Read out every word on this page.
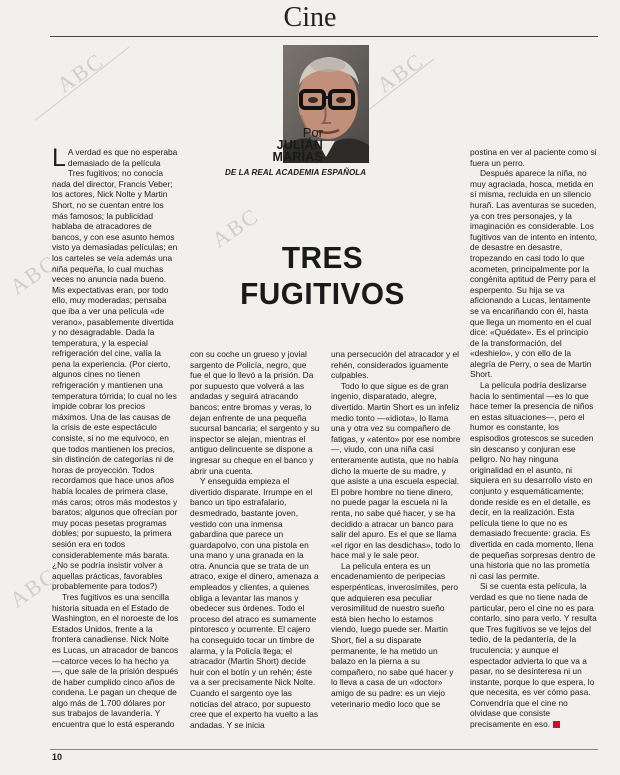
Cine
ABC	ABC
ABC
ABC
ABC
Por
JULIÁN
MARÍAS
DE LA REAL ACADEMIA ESPAÑOLA
TRES FUGITIVOS

L A verdad es que no esperaba demasiado de la película Tres fugitivos; no conocía nada del director, Francis Veber; los actores, Nick Nolte y Martin Short, no se cuentan entre los más famosos; la publicidad hablaba de atracadores de bancos, y con ese asunto hemos visto ya demasiadas películas; en los carteles se veía además una niña pequeña, lo cual muchas veces no anuncia nada bueno. Mis expectativas eran, por todo ello, muy moderadas; pensaba que iba a ver una película «de verano», pasablemente divertida y no desagradable. Dada la temperatura, y la especial refrigeración del cine, valía la pena la experiencia. (Por cierto, algunos cines no tienen refrigeración y mantienen una temperatura tórrida; lo cual no les impide cobrar los precios máximos. Una de las causas de la crisis de este espectáculo consiste, si no me equivoco, en que todos mantienen los precios, sin distinción de categorías ni de horas de proyección. Todos recordamos que hace unos años había locales de primera clase, más caros; otros más modestos y baratos; algunos que ofrecían por muy pocas pesetas programas dobles; por supuesto, la primera sesión era en todos considerablemente más barata. ¿No se podría insistir volver a aquellas prácticas, favorables probablemente para todos?)

Tres fugitivos es una sencilla historia situada en el Estado de Washington, en el noroeste de los Estados Unidos, frente a la frontera canadiense. Nick Nolte es Lucas, un atracador de bancos —catorce veces lo ha hecho ya—, que sale de la prisión después de haber cumplido cinco años de condena. Le pagan un cheque de algo más de 1.700 dólares por sus trabajos de lavandería. Y encuentra que lo está esperando

con su coche un grueso y jovial sargento de Policía, negro, que fue el que lo llevó a la prisión. Da por supuesto que volverá a las andadas y seguirá atracando bancos; entre bromas y veras, lo dejan enfrente de una pequeña sucursal bancaria; el sargento y su inspector se alejan, mientras el antiguo delincuente se dispone a ingresar su cheque en el banco y abrir una cuenta.

Y enseguida empieza el divertido disparate. Irrumpe en el banco un tipo estrafalario, desmedrado, bastante joven, vestido con una inmensa gabardina que parece un guardapolvo, con una pistola en una mano y una granada en la otra. Anuncia que se trata de un atraco, exige el dinero, amenaza a empleados y clientes, a quienes obliga a levantar las manos y obedecer sus órdenes. Todo el proceso del atraco es sumamente pintoresco y ocurrente. El cajero ha conseguido tocar un timbre de alarma, y la Policía llega; el atracador (Martin Short) decide huir con el botín y un rehén; éste va a ser precisamente Nick Nolte. Cuando el sargento oye las noticias del atraco, por supuesto cree que el experto ha vuelto a las andadas. Y se inicia

una persecución del atracador y el rehén, considerados iguamente culpables.

Todo lo que sigue es de gran ingenio, disparatado, alegre, divertido. Martin Short es un infeliz medio tonto —«idiota», lo llama una y otra vez su compañero de fatigas, y «atento» por ese nombre—, viudo, con una niña casi enteramente autista, que no había dicho la muerte de su madre, y que asiste a una escuela especial. El pobre hombre no tiene dinero, no puede pagar la escuela ni la renta, no sabe qué hacer, y se ha decidido a atracar un banco para salir del apuro. Es el que se llama «el rigor en las desdichas», todo lo hace mal y le sale peor.

La película entera es un encadenamiento de peripecias esperpénticas, inverosímiles, pero que adquieren esa peculiar verosimilitud de nuestro sueño está bien hecho lo estamos viendo, luego puede ser. Martin Short, fiel a su disparate permanente, le ha metido un balazo en la pierna a su compañero, no sabe qué hacer y lo lleva a casa de un «doctor» amigo de su padre: es un viejo veterinario medio loco que se

postina en ver al paciente como si fuera un perro.

Después aparece la niña, no muy agraciada, hosca, metida en sí misma, recluida en un silencio hurañ. Las aventuras se suceden, ya con tres personajes, y la imaginación es considerable. Los fugitivos van de intento en intento, de desastre en desastre, tropezando en casi todo lo que acometen, principalmente por la congénita aptitud de Perry para el esperpento. Su hija se va aficionando a Lucas, lentamente se va encariñando con él, hasta que llega un momento en el cual dice: «Quédate». Es el principio de la transformación, del «deshielo», y con ello de la alegría de Perry, o sea de Martin Short.

La película podría deslizarse hacia lo sentimental —es lo que hace temer la presencia de niños en estas situaciones—, pero el humor es constante, los espisodios grotescos se suceden sin descanso y conjuran ese peligro. No hay ninguna originalidad en el asunto, ni siquiera en su desarrollo visto en conjunto y esquemáticamente; donde reside es en el detalle, es decir, en la realización. Esta película tiene lo que no es demasiado frecuente: gracia. Es divertida en cada momento, llena de pequeñas sorpresas dentro de una historia que no las prometía ni casi las permite.

Si se cuenta esta película, la verdad es que no tiene nada de particular, pero el cine no es para contarlo, sino para verlo. Y resulta que Tres fugitivos se ve lejos del tedio, de la pedantería, de la truculencia; y aunque el espectador advierta lo que va a pasar, no se desinteresa ni un instante, porque lo que espera, lo que necesita, es ver cómo pasa. Convendría que el cine no olvidase que consiste precisamente en eso.

10
